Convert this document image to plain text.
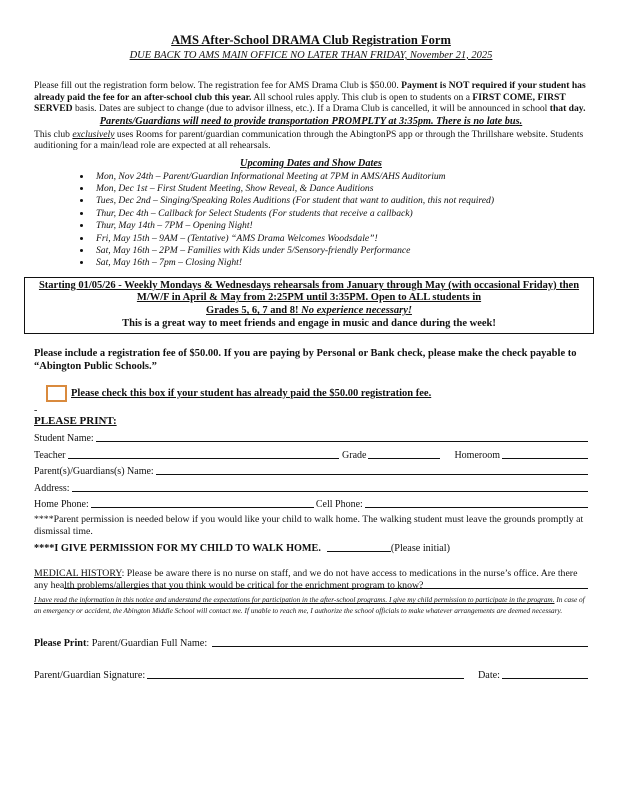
AMS After-School DRAMA Club Registration Form
DUE BACK TO AMS MAIN OFFICE NO LATER THAN FRIDAY, November 21, 2025
Please fill out the registration form below. The registration fee for AMS Drama Club is $50.00. Payment is NOT required if your student has already paid the fee for an after-school club this year. All school rules apply. This club is open to students on a FIRST COME, FIRST SERVED basis. Dates are subject to change (due to advisor illness, etc.). If a Drama Club is cancelled, it will be announced in school that day.
Parents/Guardians will need to provide transportation PROMPLTY at 3:35pm. There is no late bus.
This club exclusively uses Rooms for parent/guardian communication through the AbingtonPS app or through the Thrillshare website. Students auditioning for a main/lead role are expected at all rehearsals.
Upcoming Dates and Show Dates
• Mon, Nov 24th – Parent/Guardian Informational Meeting at 7PM in AMS/AHS Auditorium
• Mon, Dec 1st – First Student Meeting, Show Reveal, & Dance Auditions
• Tues, Dec 2nd – Singing/Speaking Roles Auditions (For student that want to audition, this not required)
• Thur, Dec 4th – Callback for Select Students (For students that receive a callback)
• Thur, May 14th – 7PM – Opening Night!
• Fri, May 15th – 9AM – (Tentative) “AMS Drama Welcomes Woodsdale”!
• Sat, May 16th – 2PM – Families with Kids under 5/Sensory-friendly Performance
• Sat, May 16th – 7pm – Closing Night!
Starting 01/05/26 - Weekly Mondays & Wednesdays rehearsals from January through May (with occasional Friday) then M/W/F in April & May from 2:25PM until 3:35PM. Open to ALL students in
Grades 5, 6, 7 and 8! No experience necessary!
This is a great way to meet friends and engage in music and dance during the week!
Please include a registration fee of $50.00. If you are paying by Personal or Bank check, please make the check payable to “Abington Public Schools.”
Please check this box if your student has already paid the $50.00 registration fee.
-
PLEASE PRINT:
Student Name:
Teacher	Grade	Homeroom
Parent(s)/Guardians(s) Name:
Address:
Home Phone:	Cell Phone:
****Parent permission is needed below if you would like your child to walk home. The walking student must leave the grounds promptly at dismissal time.
****I GIVE PERMISSION FOR MY CHILD TO WALK HOME.	(Please initial)
MEDICAL HISTORY: Please be aware there is no nurse on staff, and we do not have access to medications in the nurse’s office. Are there any health problems/allergies that you think would be critical for the enrichment program to know?
I have read the information in this notice and understand the expectations for participation in the after-school programs. I give my child permission to participate in the program. In case of an emergency or accident, the Abington Middle School will contact me. If unable to reach me, I authorize the school officials to make whatever arrangements are deemed necessary.
Please Print: Parent/Guardian Full Name:
Parent/Guardian Signature:	Date:
